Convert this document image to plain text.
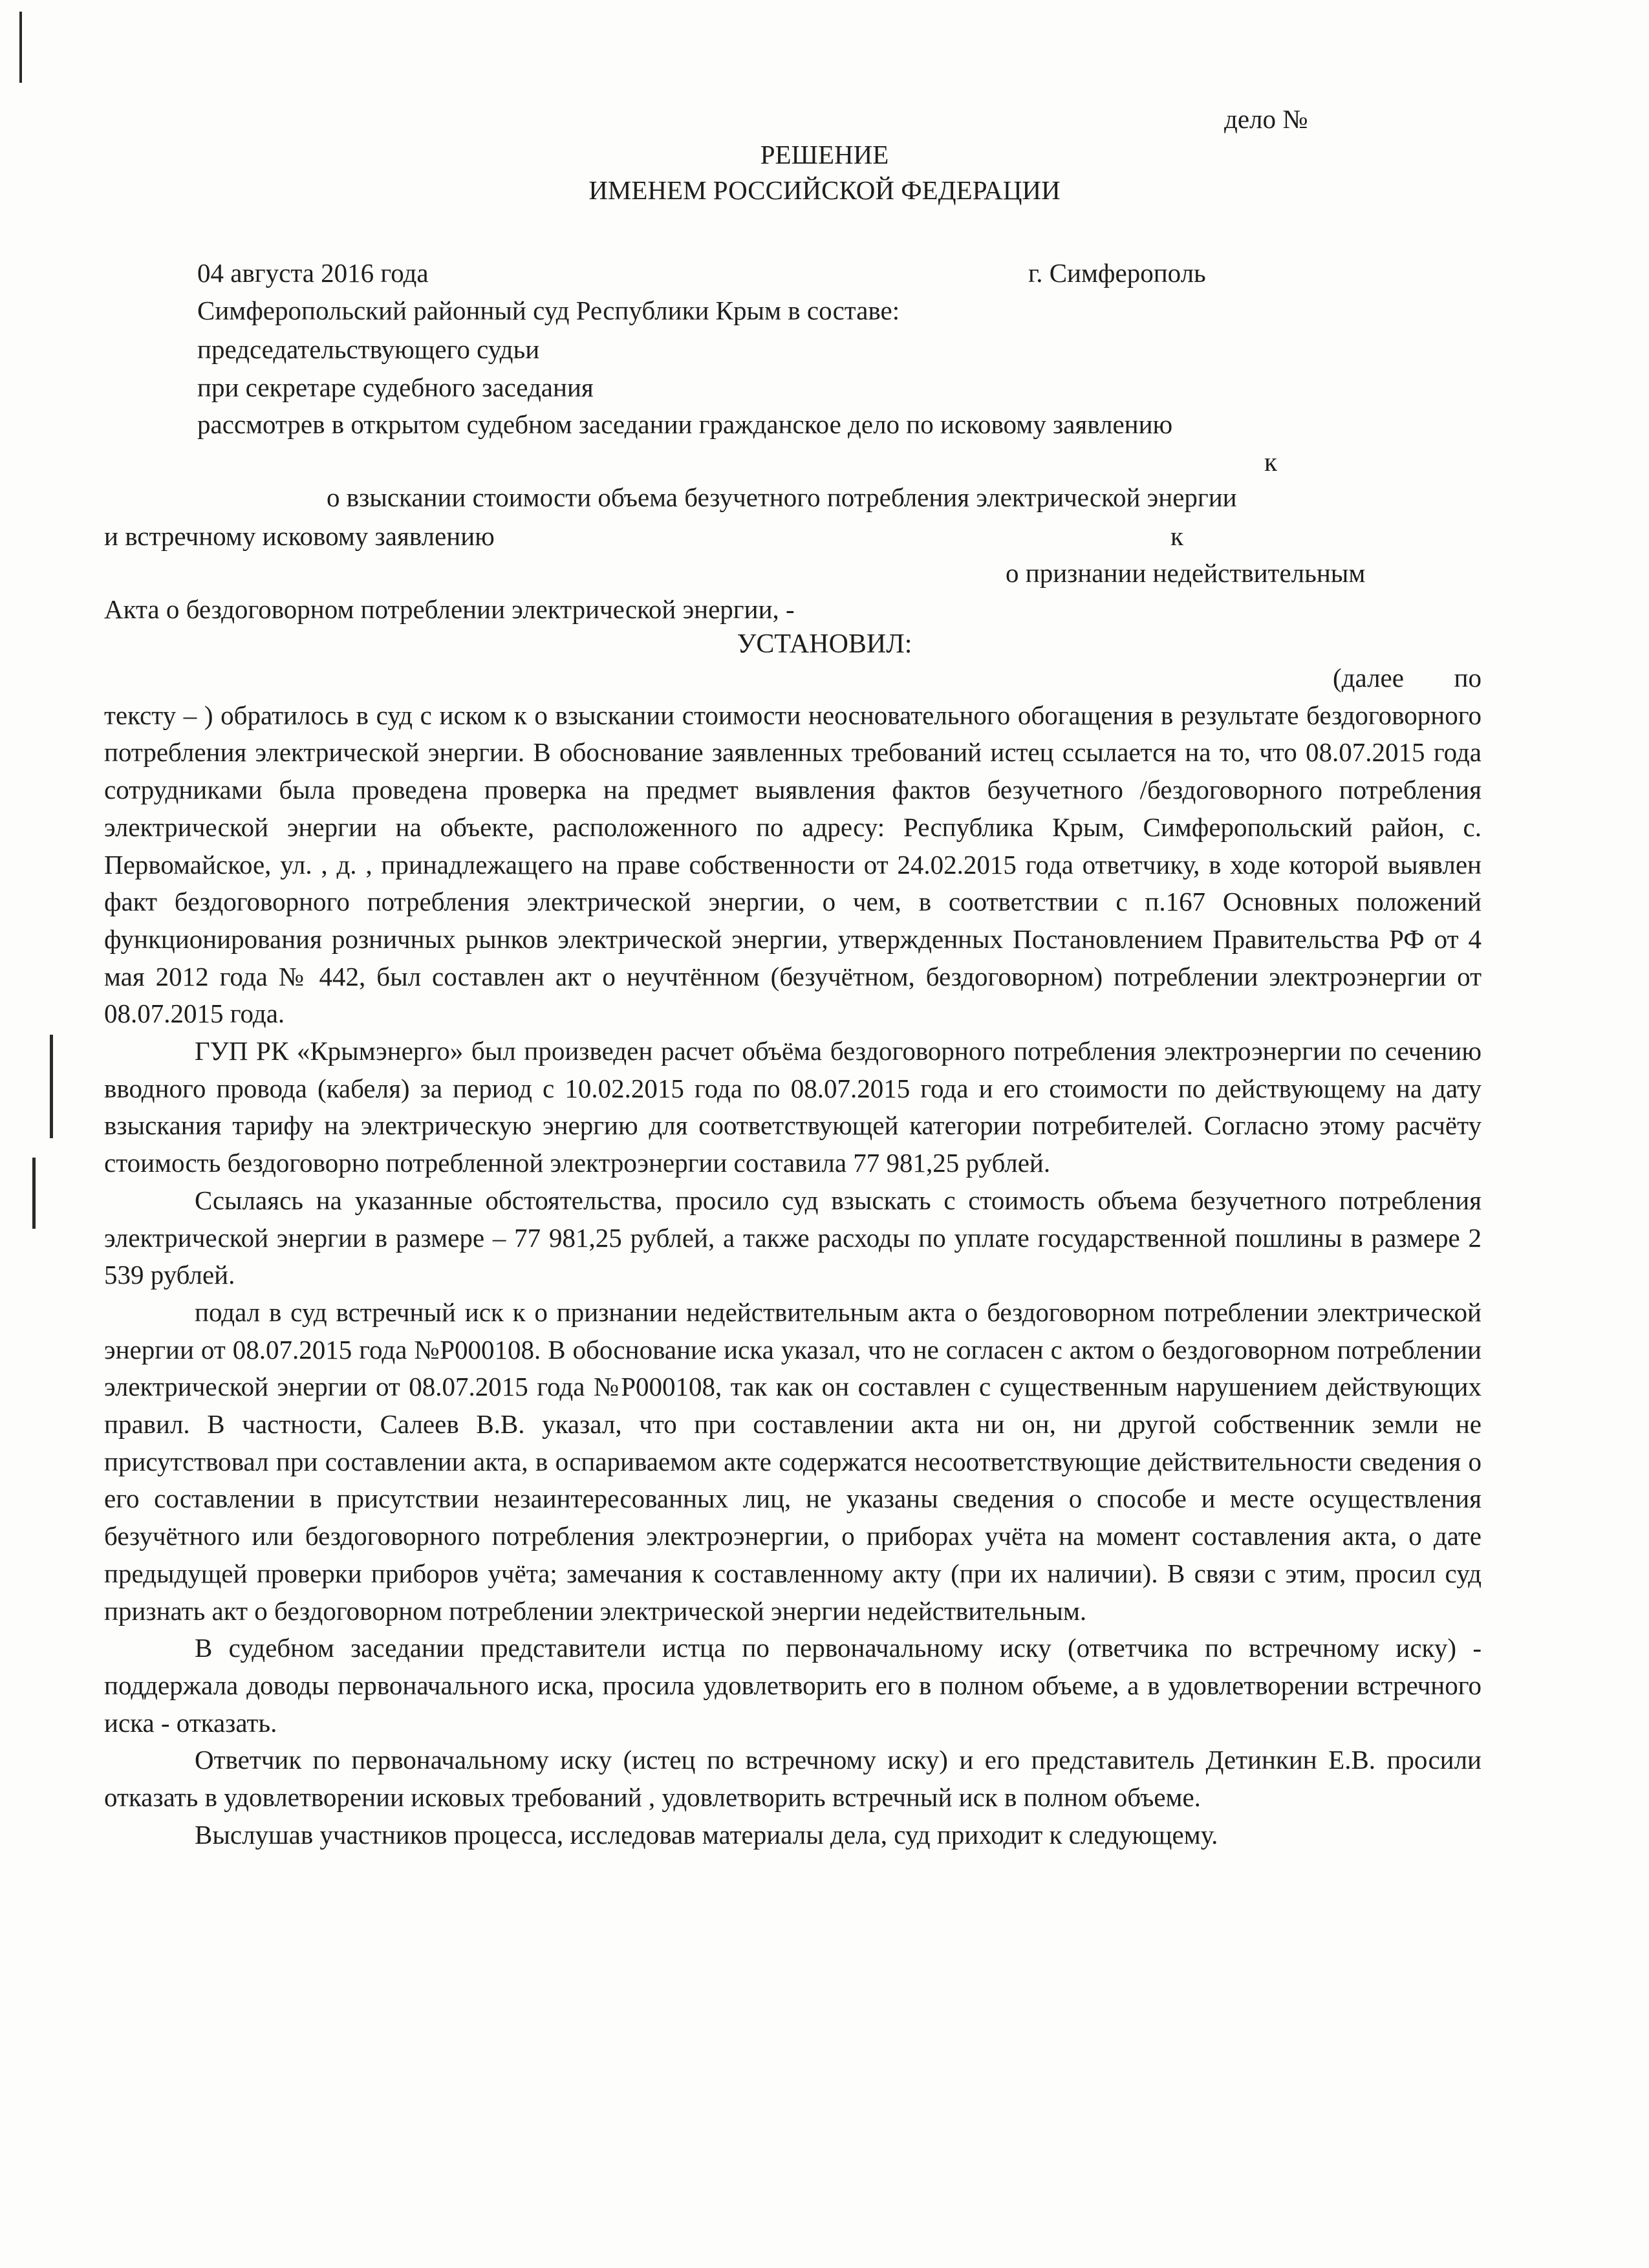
дело №
РЕШЕНИЕ
ИМЕНЕМ РОССИЙСКОЙ ФЕДЕРАЦИИ
04 августа 2016 года	г. Симферополь
Симферопольский районный суд Республики Крым в составе:
председательствующего судьи
при секретаре судебного заседания
рассмотрев в открытом судебном заседании гражданское дело по исковому заявлению
к
о взыскании стоимости объема безучетного потребления электрической энергии
и встречному исковому заявлению	к
о признании недействительным
Акта о бездоговорном потреблении электрической энергии, -
УСТАНОВИЛ:

(далее по тексту – ) обратилось в суд с иском к о взыскании стоимости неосновательного обогащения в результате бездоговорного потребления электрической энергии. В обоснование заявленных требований истец ссылается на то, что 08.07.2015 года сотрудниками была проведена проверка на предмет выявления фактов безучетного /бездоговорного потребления электрической энергии на объекте, расположенного по адресу: Республика Крым, Симферопольский район, с. Первомайское, ул. , д. , принадлежащего на праве собственности от 24.02.2015 года ответчику, в ходе которой выявлен факт бездоговорного потребления электрической энергии, о чем, в соответствии с п.167 Основных положений функционирования розничных рынков электрической энергии, утвержденных Постановлением Правительства РФ от 4 мая 2012 года № 442, был составлен акт о неучтённом (безучётном, бездоговорном) потреблении электроэнергии от 08.07.2015 года.

ГУП РК «Крымэнерго» был произведен расчет объёма бездоговорного потребления электроэнергии по сечению вводного провода (кабеля) за период с 10.02.2015 года по 08.07.2015 года и его стоимости по действующему на дату взыскания тарифу на электрическую энергию для соответствующей категории потребителей. Согласно этому расчёту стоимость бездоговорно потребленной электроэнергии составила 77 981,25 рублей.

Ссылаясь на указанные обстоятельства, просило суд взыскать с стоимость объема безучетного потребления электрической энергии в размере – 77 981,25 рублей, а также расходы по уплате государственной пошлины в размере 2 539 рублей.

подал в суд встречный иск к о признании недействительным акта о бездоговорном потреблении электрической энергии от 08.07.2015 года №Р000108. В обоснование иска указал, что не согласен с актом о бездоговорном потреблении электрической энергии от 08.07.2015 года №Р000108, так как он составлен с существенным нарушением действующих правил. В частности, Салеев В.В. указал, что при составлении акта ни он, ни другой собственник земли не присутствовал при составлении акта, в оспариваемом акте содержатся несоответствующие действительности сведения о его составлении в присутствии незаинтересованных лиц, не указаны сведения о способе и месте осуществления безучётного или бездоговорного потребления электроэнергии, о приборах учёта на момент составления акта, о дате предыдущей проверки приборов учёта; замечания к составленному акту (при их наличии). В связи с этим, просил суд признать акт о бездоговорном потреблении электрической энергии недействительным.

В судебном заседании представители истца по первоначальному иску (ответчика по встречному иску) - поддержала доводы первоначального иска, просила удовлетворить его в полном объеме, а в удовлетворении встречного иска - отказать.

Ответчик по первоначальному иску (истец по встречному иску) и его представитель Детинкин Е.В. просили отказать в удовлетворении исковых требований , удовлетворить встречный иск в полном объеме.

Выслушав участников процесса, исследовав материалы дела, суд приходит к следующему.
